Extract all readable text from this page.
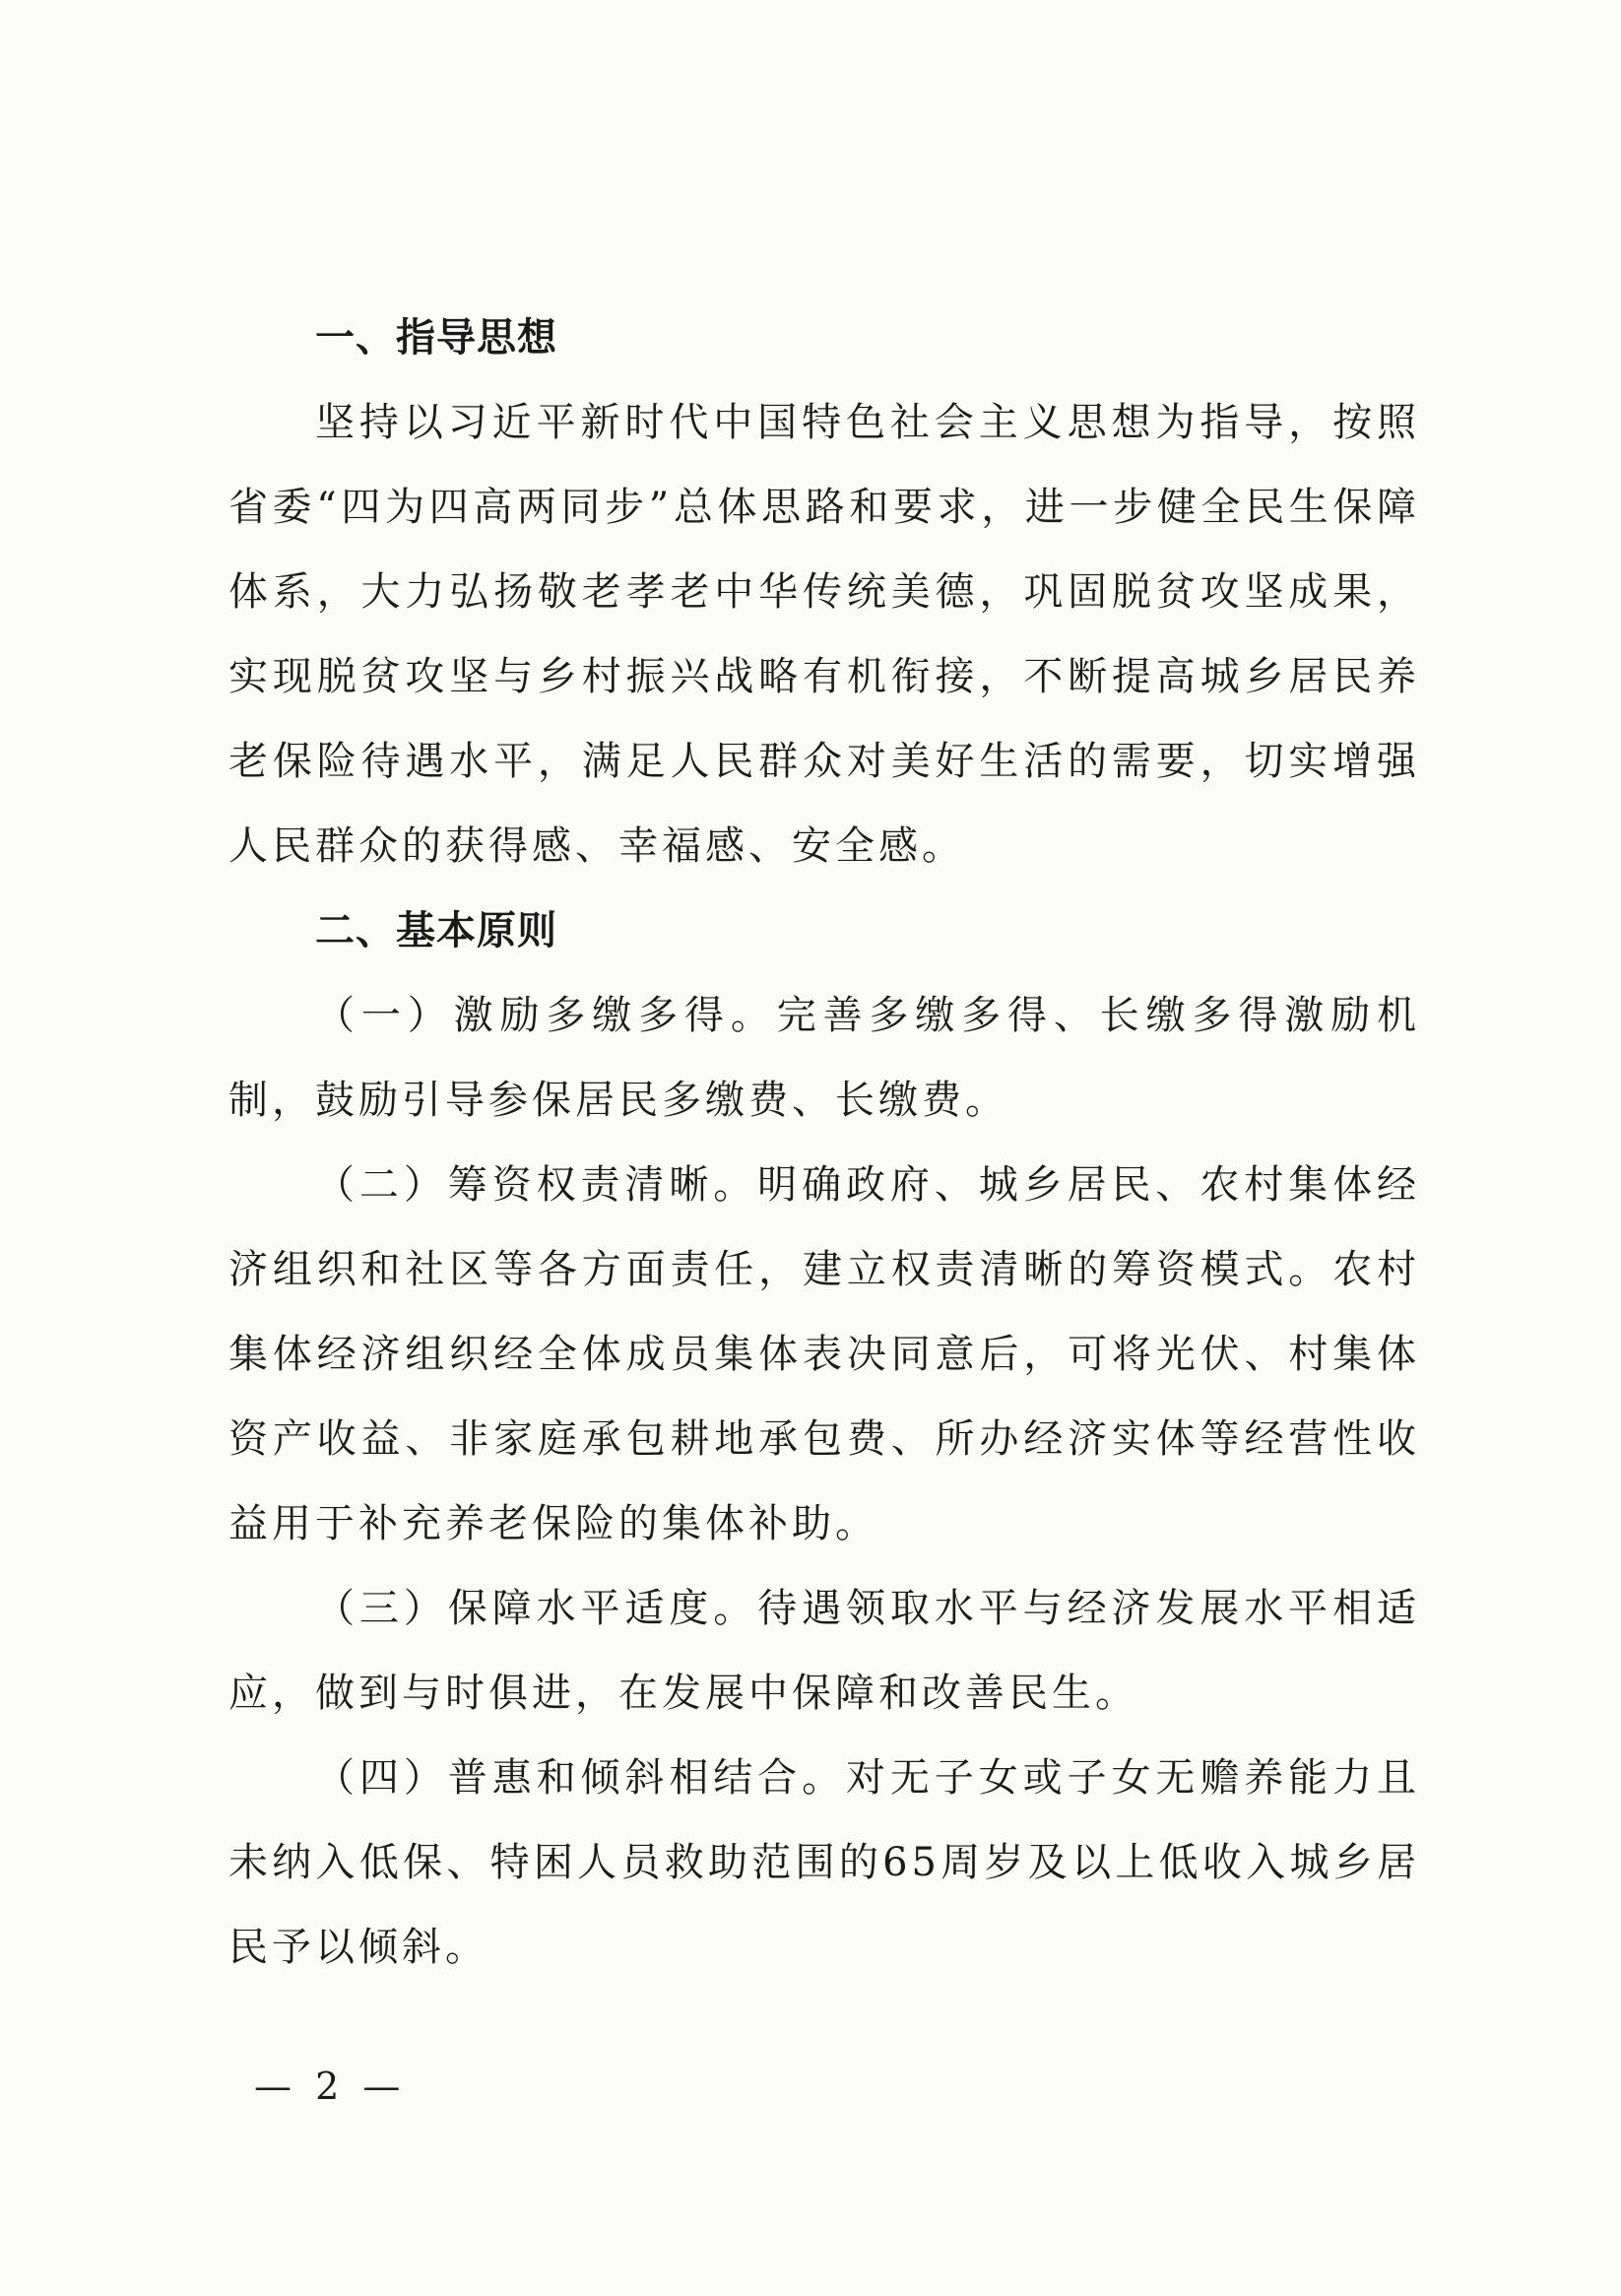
一、指导思想

坚持以习近平新时代中国特色社会主义思想为指导，按照省委“四为四高两同步”总体思路和要求，进一步健全民生保障体系，大力弘扬敬老孝老中华传统美德，巩固脱贫攻坚成果，实现脱贫攻坚与乡村振兴战略有机衔接，不断提高城乡居民养老保险待遇水平，满足人民群众对美好生活的需要，切实增强人民群众的获得感、幸福感、安全感。

二、基本原则

（一）激励多缴多得。完善多缴多得、长缴多得激励机制，鼓励引导参保居民多缴费、长缴费。

（二）筹资权责清晰。明确政府、城乡居民、农村集体经济组织和社区等各方面责任，建立权责清晰的筹资模式。农村集体经济组织经全体成员集体表决同意后，可将光伏、村集体资产收益、非家庭承包耕地承包费、所办经济实体等经营性收益用于补充养老保险的集体补助。

（三）保障水平适度。待遇领取水平与经济发展水平相适应，做到与时俱进，在发展中保障和改善民生。

（四）普惠和倾斜相结合。对无子女或子女无赡养能力且未纳入低保、特困人员救助范围的65周岁及以上低收入城乡居民予以倾斜。

— 2 —
